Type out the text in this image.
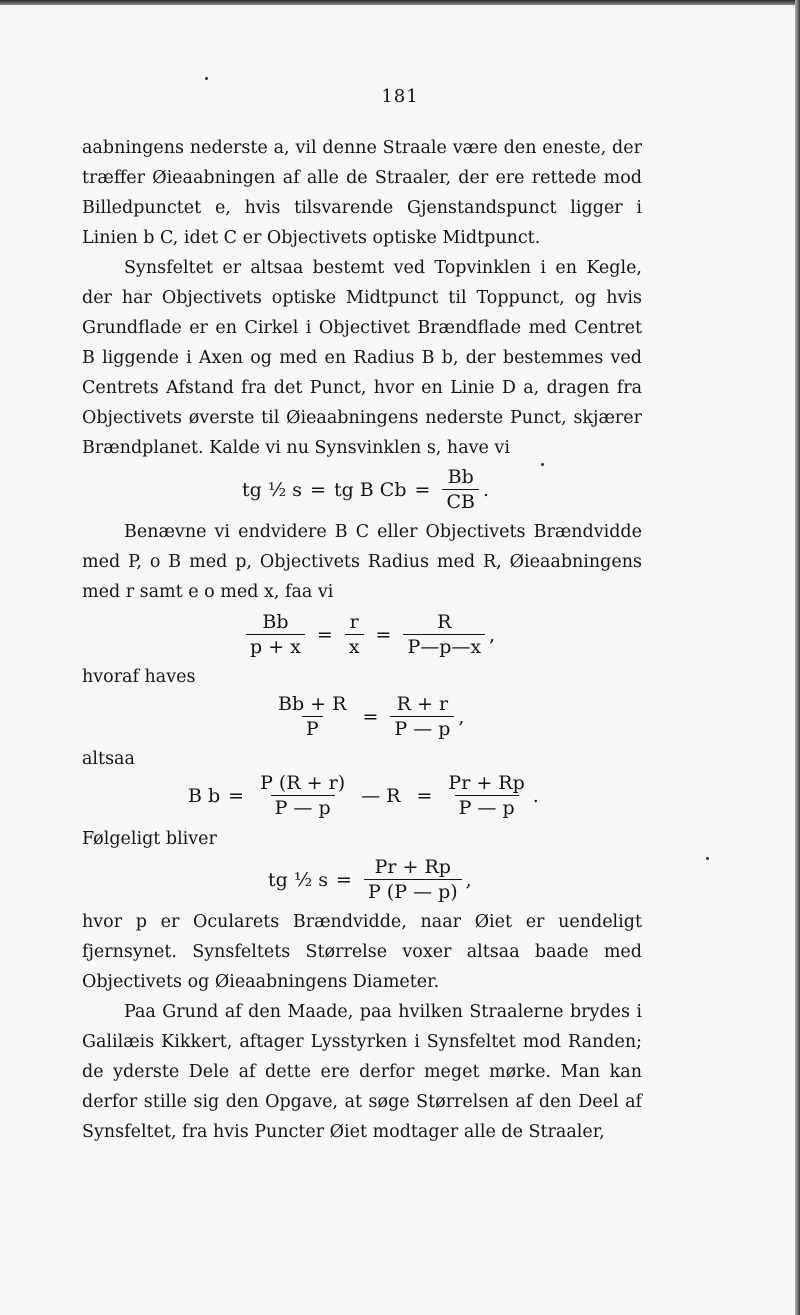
181
aabningens nederste a, vil denne Straale være den eneste, der træffer Øieaabningen af alle de Straaler, der ere rettede mod Billedpunctet e, hvis tilsvarende Gjenstandspunct ligger i Linien b C, idet C er Objectivets optiske Midtpunct.
Synsfeltet er altsaa bestemt ved Topvinklen i en Kegle, der har Objectivets optiske Midtpunct til Toppunct, og hvis Grundflade er en Cirkel i Objectivet Brændflade med Centret B liggende i Axen og med en Radius B b, der bestemmes ved Centrets Afstand fra det Punct, hvor en Linie D a, dragen fra Objectivets øverste til Øieaabningens nederste Punct, skjærer Brændplanet. Kalde vi nu Synsvinklen s, have vi
tg ½ s = tg B $Cb = \frac{Bb}{CB}$ .
Benævne vi endvidere B C eller Objectivets Brændvidde med P, o B med p, Objectivets Radius med R, Øieaabningens med r samt e o med x, faa vi
$\frac{Bb}{p + x} = \frac{r}{x} = \frac{R}{P—p—x}$ ,
hvoraf haves
$\frac{Bb + R}{P} = \frac{R + r}{P — p}$ ,
altsaa
B $b = \frac{P (R + r)}{P — p}$ — $R = \frac{Pr + Rp}{P — p}$ .
Følgeligt bliver
tg ½ $s = \frac{Pr + Rp}{P (P — p)}$ ,
hvor p er Ocularets Brændvidde, naar Øiet er uendeligt fjernsynet. Synsfeltets Størrelse voxer altsaa baade med Objectivets og Øieaabningens Diameter.
Paa Grund af den Maade, paa hvilken Straalerne brydes i Galilæis Kikkert, aftager Lysstyrken i Synsfeltet mod Randen; de yderste Dele af dette ere derfor meget mørke. Man kan derfor stille sig den Opgave, at søge Størrelsen af den Deel af Synsfeltet, fra hvis Puncter Øiet modtager alle de Straaler,
